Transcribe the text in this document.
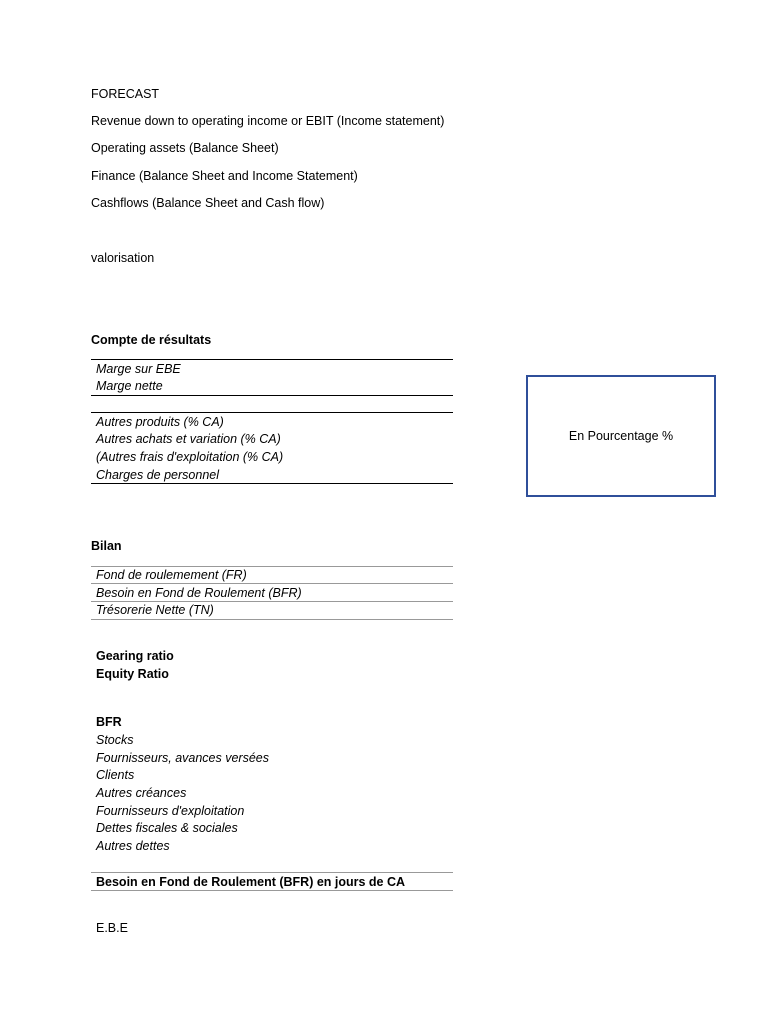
FORECAST
Revenue down to operating income or EBIT (Income statement)
Operating assets (Balance Sheet)
Finance (Balance Sheet and Income Statement)
Cashflows (Balance Sheet and Cash flow)
valorisation
Compte de résultats
Marge sur EBE
Marge nette
Autres produits (% CA)
Autres achats et variation (% CA)
(Autres frais d'exploitation (% CA)
Charges de personnel
En Pourcentage %
Bilan
Fond de roulemement (FR)
Besoin en Fond de Roulement (BFR)
Trésorerie Nette (TN)
Gearing ratio
Equity Ratio
BFR
Stocks
Fournisseurs, avances versées
Clients
Autres créances
Fournisseurs d'exploitation
Dettes fiscales & sociales
Autres dettes
Besoin en Fond de Roulement (BFR) en jours de CA
E.B.E
